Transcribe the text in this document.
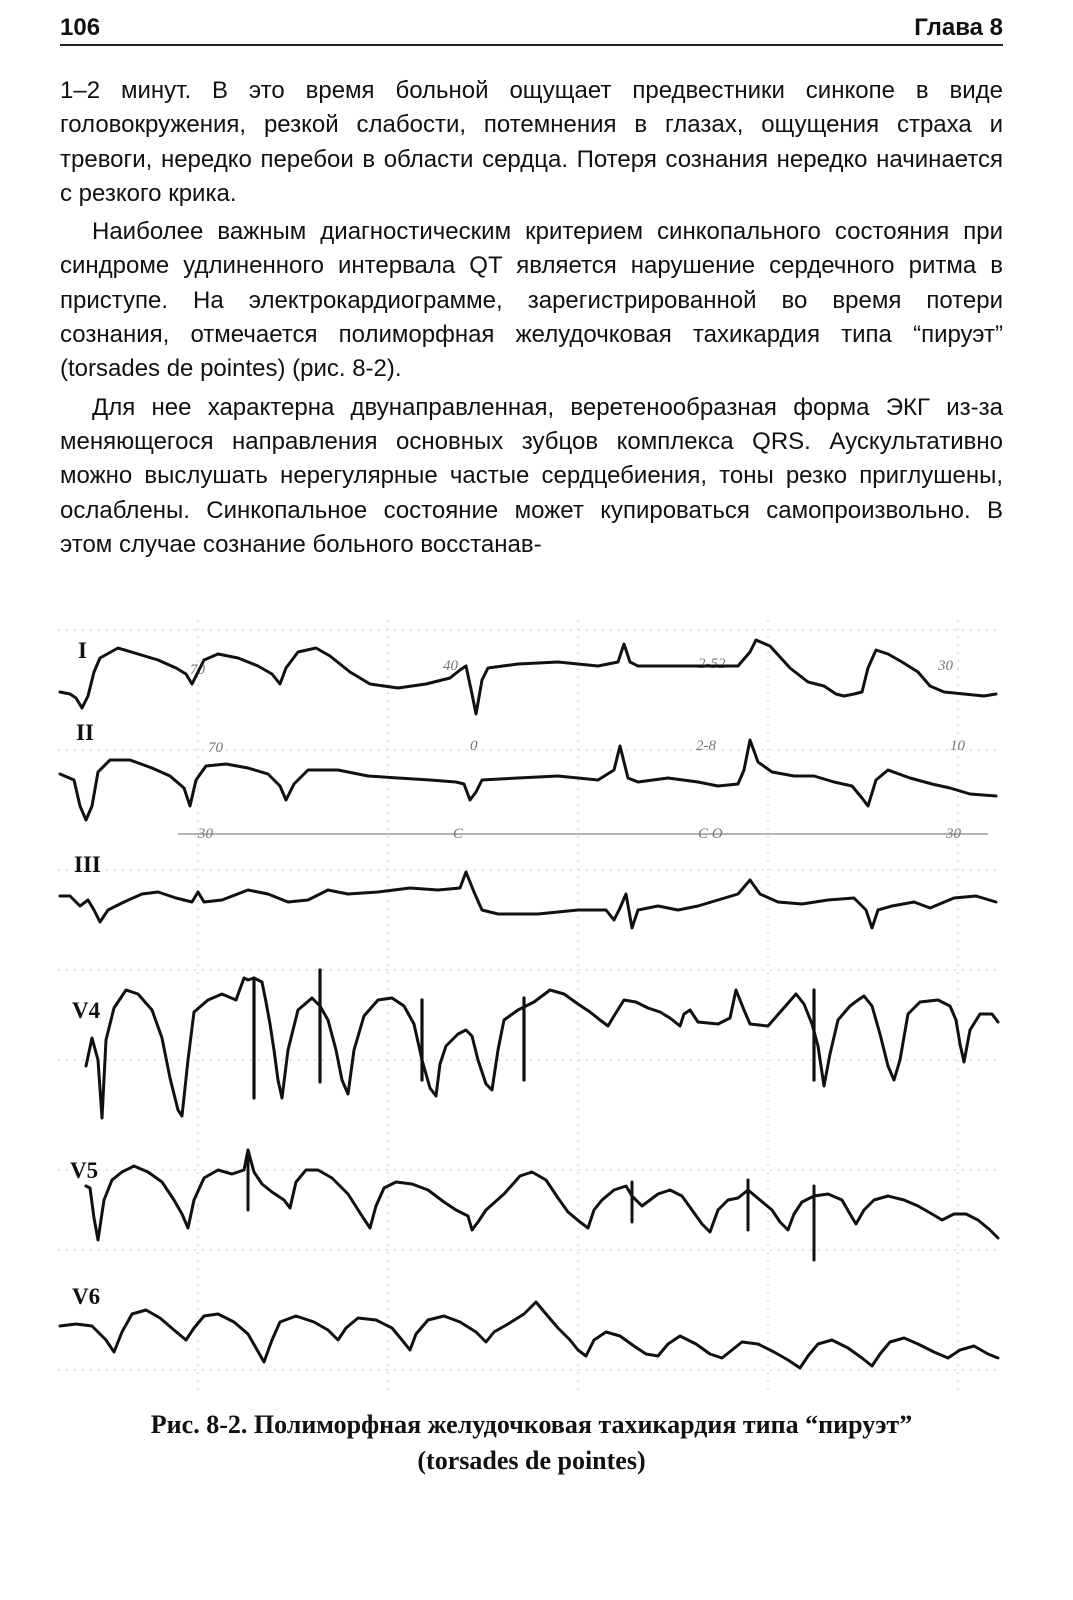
106	Глава 8

1–2 минут. В это время больной ощущает предвестники синкопе в виде головокружения, резкой слабости, потемнения в глазах, ощущения страха и тревоги, нередко перебои в области сердца. Потеря сознания нередко начинается с резкого крика.

Наиболее важным диагностическим критерием синкопального состояния при синдроме удлиненного интервала QT является нарушение сердечного ритма в приступе. На электрокардиограмме, зарегистрированной во время потери сознания, отмечается полиморфная желудочковая тахикардия типа “пируэт” (torsades de pointes) (рис. 8-2).

Для нее характерна двунаправленная, веретенообразная форма ЭКГ из-за меняющегося направления основных зубцов комплекса QRS. Аускультативно можно выслушать нерегулярные частые сердцебиения, тоны резко приглушены, ослаблены. Синкопальное состояние может купироваться самопроизвольно. В этом случае сознание больного восстанав-

I
II
III
V4
V5
V6
70	40	2-52	30
70	0	2-8	10
30	C	C O	30
Рис. 8-2. Полиморфная желудочковая тахикардия типа “пируэт”
(torsades de pointes)
